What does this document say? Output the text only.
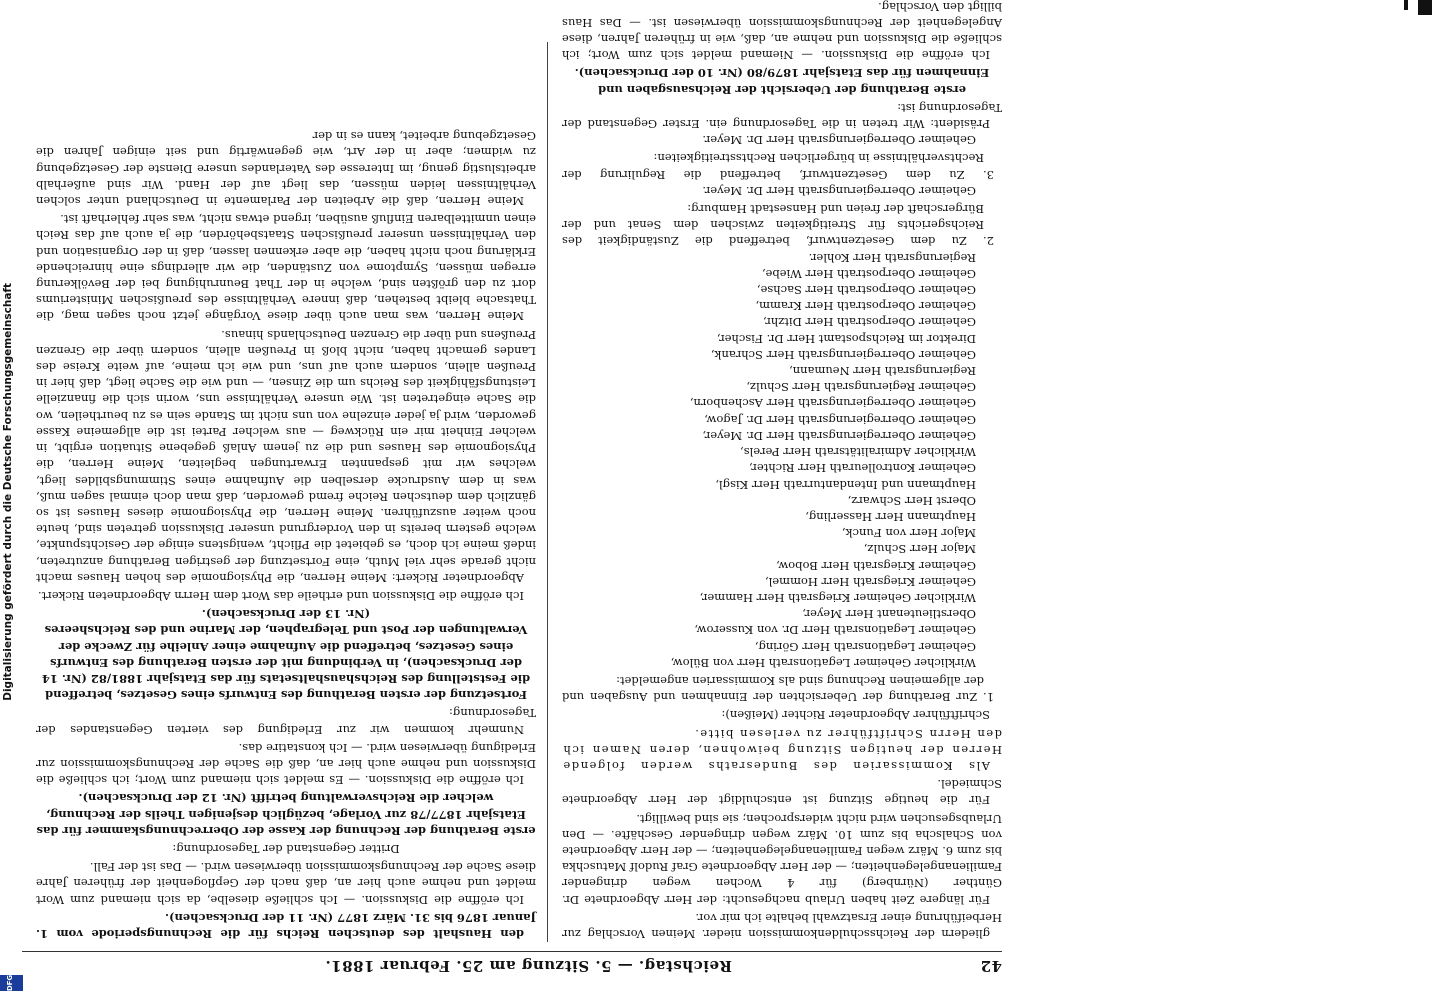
42
Reichstag. — 5. Sitzung am 25. Februar 1881.

gliedern der Reichsschuldenkommission nieder. Meinen Vorschlag zur Herbeiführung einer Ersatzwahl behalte ich mir vor.

Für längere Zeit haben Urlaub nachgesucht: der Herr Abgeordnete Dr. Günther (Nürnberg) für 4 Wochen wegen dringender Familienangelegenheiten; — der Herr Abgeordnete Graf Rudolf Matuschka bis zum 6. März wegen Familienangelegenheiten; — der Herr Abgeordnete von Schalscha bis zum 10. März wegen dringender Geschäfte. — Den Urlaubsgesuchen wird nicht widersprochen; sie sind bewilligt.

Für die heutige Sitzung ist entschuldigt der Herr Abgeordnete Schmiedel.

Als Kommissarien des Bundesraths werden folgende Herren der heutigen Sitzung beiwohnen, deren Namen ich den Herrn Schriftführer zu verlesen bitte.

Schriftführer Abgeordneter Richter (Meißen):

1. Zur Berathung der Uebersichten der Einnahmen und Ausgaben und der allgemeinen Rechnung sind als Kommissarien angemeldet:

Wirklicher Geheimer Legationsrath Herr von Bülow,
Geheimer Legationsrath Herr Göring,
Geheimer Legationsrath Herr Dr. von Kusserow,
Oberstlieutenant Herr Meyer,
Wirklicher Geheimer Kriegsrath Herr Hammer,
Geheimer Kriegsrath Herr Hommel,
Geheimer Kriegsrath Herr Bobow,
Major Herr Schulz,
Major Herr von Funck,
Hauptmann Herr Hasserling,
Oberst Herr Schwarz,
Hauptmann und Intendanturrath Herr Kisgl,
Geheimer Kontrolleurath Herr Richter,
Wirklicher Admiralitätsrath Herr Perels,
Geheimer Oberregierungsrath Herr Dr. Meyer,
Geheimer Oberregierungsrath Herr Dr. Jagow,
Geheimer Oberregierungsrath Herr Aschenborn,
Geheimer Regierungsrath Herr Schulz,
Regierungsrath Herr Neumann,
Geheimer Oberregierungsrath Herr Schrank,
Direktor im Reichspostamt Herr Dr. Fischer,
Geheimer Oberpostrath Herr Ditzhr,
Geheimer Oberpostrath Herr Kramm,
Geheimer Oberpostrath Herr Sachse,
Geheimer Oberpostrath Herr Wiebe,
Regierungsrath Herr Kohler.

2. Zu dem Gesetzentwurf, betreffend die Zuständigkeit des Reichsgerichts für Streitigkeiten zwischen dem Senat und der Bürgerschaft der freien und Hansestadt Hamburg:

Geheimer Oberregierungsrath Herr Dr. Meyer.

3. Zu dem Gesetzentwurf, betreffend die Regulirung der Rechtsverhältnisse in bürgerlichen Rechtsstreitigkeiten:

Geheimer Oberregierungsrath Herr Dr. Meyer.

Präsident: Wir treten in die Tagesordnung ein. Erster Gegenstand der Tagesordnung ist:

erste Berathung der Uebersicht der Reichsausgaben und Einnahmen für das Etatsjahr 1879/80 (Nr. 10 der Drucksachen).

Ich eröffne die Diskussion. — Niemand meldet sich zum Wort; ich schließe die Diskussion und nehme an, daß, wie in früheren Jahren, diese Angelegenheit der Rechnungskommission überwiesen ist. — Das Haus billigt den Vorschlag.

den Haushalt des deutschen Reichs für die Rechnungsperiode vom 1. Januar 1876 bis 31. März 1877 (Nr. 11 der Drucksachen).

Ich eröffne die Diskussion. — Ich schließe dieselbe, da sich niemand zum Wort meldet und nehme auch hier an, daß nach der Gepflogenheit der früheren Jahre diese Sache der Rechnungskommission überwiesen wird. — Das ist der Fall.

Dritter Gegenstand der Tagesordnung:

erste Berathung der Rechnung der Kasse der Oberrechnungskammer für das Etatsjahr 1877/78 zur Vorlage, bezüglich desjenigen Theils der Rechnung, welcher die Reichsverwaltung betrifft (Nr. 12 der Drucksachen).

Ich eröffne die Diskussion. — Es meldet sich niemand zum Wort; ich schließe die Diskussion und nehme auch hier an, daß die Sache der Rechnungskommission zur Erledigung überwiesen wird. — Ich konstatire das.

Nunmehr kommen wir zur Erledigung des vierten Gegenstandes der Tagesordnung:

Fortsetzung der ersten Berathung des Entwurfs eines Gesetzes, betreffend die Feststellung des Reichshaushaltsetats für das Etatsjahr 1881/82 (Nr. 14 der Drucksachen), in Verbindung mit der ersten Berathung des Entwurfs eines Gesetzes, betreffend die Aufnahme einer Anleihe für Zwecke der Verwaltungen der Post und Telegraphen, der Marine und des Reichsheeres (Nr. 13 der Drucksachen).

Ich eröffne die Diskussion und ertheile das Wort dem Herrn Abgeordneten Rickert.

Abgeordneter Rickert: Meine Herren, die Physiognomie des hohen Hauses macht nicht gerade sehr viel Muth, eine Fortsetzung der gestrigen Berathung anzutreten, indeß meine ich doch, es gebietet die Pflicht, wenigstens einige der Gesichtspunkte, welche gestern bereits in den Vordergrund unserer Diskussion getreten sind, heute noch weiter auszuführen. Meine Herren, die Physiognomie dieses Hauses ist so gänzlich dem deutschen Reiche fremd geworden, daß man doch einmal sagen muß, was in dem Ausdrucke derselben die Aufnahme eines Stimmungsbildes liegt, welches wir mit gespannten Erwartungen begleiten, Meine Herren, die Physiognomie des Hauses und die zu jenem Anlaß gegebene Situation ergibt, in welcher Einheit mir ein Rückweg — aus welcher Partei ist die allgemeine Kasse geworden, wird ja jeder einzelne von uns nicht im Stande sein es zu beurtheilen, wo die Sache eingetreten ist. Wie unsere Verhältnisse uns, worin sich die finanzielle Leistungsfähigkeit des Reichs um die Zinsen, — und wie die Sache liegt, daß hier in Preußen allein, sondern auch auf uns, und wie ich meine, auf weite Kreise des Landes gemacht haben, nicht bloß in Preußen allein, sondern über die Grenzen Preußens und über die Grenzen Deutschlands hinaus.

Meine Herren, was man auch über diese Vorgänge jetzt noch sagen mag, die Thatsache bleibt bestehen, daß innere Verhältnisse des preußischen Ministeriums dort zu den größten sind, welche in der That Beunruhigung bei der Bevölkerung erregen müssen, Symptome von Zuständen, die wir allerdings eine hinreichende Erklärung noch nicht haben, die aber erkennen lassen, daß in der Organisation und den Verhältnissen unserer preußischen Staatsbehörden, die ja auch auf das Reich einen unmittelbaren Einfluß ausüben, irgend etwas nicht, was sehr fehlerhaft ist.

Meine Herren, daß die Arbeiten der Parlamente in Deutschland unter solchen Verhältnissen leiden müssen, das liegt auf der Hand. Wir sind außerhalb arbeitslustig genug, im Interesse des Vaterlandes unsere Dienste der Gesetzgebung zu widmen; aber in der Art, wie gegenwärtig und seit einigen Jahren die Gesetzgebung arbeitet, kann es in der

DFG
Digitalisierung gefördert durch die Deutsche Forschungsgemeinschaft
